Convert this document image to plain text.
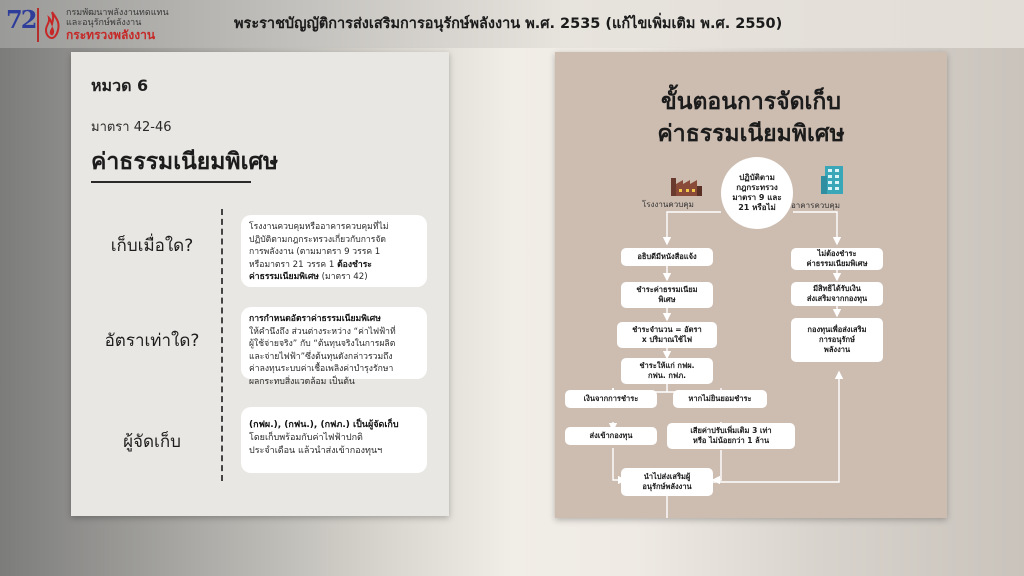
72	กรมพัฒนาพลังงานทดแทน
และอนุรักษ์พลังงาน
กระทรวงพลังงาน
พระราชบัญญัติการส่งเสริมการอนุรักษ์พลังงาน พ.ศ. 2535 (แก้ไขเพิ่มเติม พ.ศ. 2550)
หมวด 6
มาตรา 42-46
ค่าธรรมเนียมพิเศษ
เก็บเมื่อใด?
อัตราเท่าใด?
ผู้จัดเก็บ
โรงงานควบคุมหรืออาคารควบคุมที่ไม่
ปฏิบัติตามกฎกระทรวงเกี่ยวกับการจัด
การพลังงาน (ตามมาตรา 9 วรรค 1
หรือมาตรา 21 วรรค 1 ต้องชำระ
ค่าธรรมเนียมพิเศษ (มาตรา 42)
การกำหนดอัตราค่าธรรมเนียมพิเศษ
ให้คำนึงถึง ส่วนต่างระหว่าง “ค่าไฟฟ้าที่
ผู้ใช้จ่ายจริง” กับ “ต้นทุนจริงในการผลิต
และจ่ายไฟฟ้า”ซึ่งต้นทุนดังกล่าวรวมถึง
ค่าลงทุนระบบค่าเชื้อเพลิงค่าบำรุงรักษา
ผลกระทบสิ่งแวดล้อม เป็นต้น
(กฟผ.), (กฟน.), (กฟภ.) เป็นผู้จัดเก็บ
โดยเก็บพร้อมกับค่าไฟฟ้าปกติ
ประจำเดือน แล้วนำส่งเข้ากองทุนฯ
ขั้นตอนการจัดเก็บ
ค่าธรรมเนียมพิเศษ
โรงงานควบคุม	อาคารควบคุม
ปฏิบัติตาม
กฎกระทรวง
มาตรา 9 และ
21 หรือไม่
อธิบดีมีหนังสือแจ้ง
ชำระค่าธรรมเนียม
พิเศษ
ชำระจำนวน = อัตรา
x ปริมาณใช้ไฟ
ชำระให้แก่ กฟผ.
กฟน. กฟภ.
เงินจากการชำระ	หากไม่ยินยอมชำระ
ส่งเข้ากองทุน
เสียค่าปรับเพิ่มเติม 3 เท่า
หรือ ไม่น้อยกว่า 1 ล้าน
นำไปส่งเสริมผู้
อนุรักษ์พลังงาน
ไม่ต้องชำระ
ค่าธรรมเนียมพิเศษ
มีสิทธิได้รับเงิน
ส่งเสริมจากกองทุน
กองทุนเพื่อส่งเสริม
การอนุรักษ์
พลังงาน
